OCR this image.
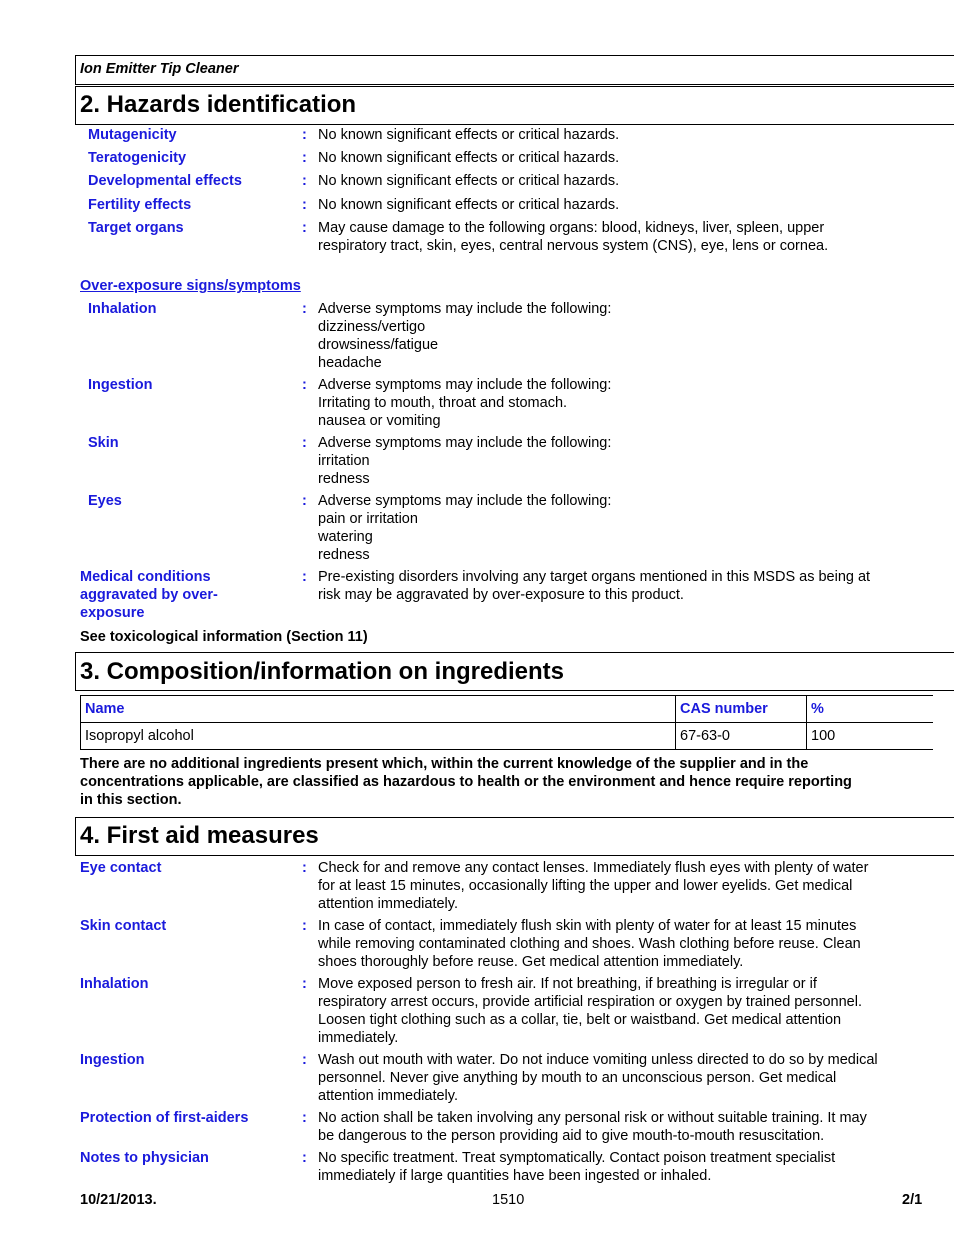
Ion Emitter Tip Cleaner
2. Hazards identification
Mutagenicity	: No known significant effects or critical hazards.
Teratogenicity	: No known significant effects or critical hazards.
Developmental effects	: No known significant effects or critical hazards.
Fertility effects	: No known significant effects or critical hazards.
Target organs	: May cause damage to the following organs: blood, kidneys, liver, spleen, upper
respiratory tract, skin, eyes, central nervous system (CNS), eye, lens or cornea.
Over-exposure signs/symptoms
Inhalation	: Adverse symptoms may include the following:
dizziness/vertigo
drowsiness/fatigue
headache
Ingestion	: Adverse symptoms may include the following:
Irritating to mouth, throat and stomach.
nausea or vomiting
Skin	: Adverse symptoms may include the following:
irritation
redness
Eyes	: Adverse symptoms may include the following:
pain or irritation
watering
redness
Medical conditions
aggravated by over-
exposure
: Pre-existing disorders involving any target organs mentioned in this MSDS as being at
risk may be aggravated by over-exposure to this product.
See toxicological information (Section 11)
3. Composition/information on ingredients
Name	CAS number	%
Isopropyl alcohol	67-63-0	100
There are no additional ingredients present which, within the current knowledge of the supplier and in the
concentrations applicable, are classified as hazardous to health or the environment and hence require reporting
in this section.
4. First aid measures
Eye contact	: Check for and remove any contact lenses. Immediately flush eyes with plenty of water
for at least 15 minutes, occasionally lifting the upper and lower eyelids. Get medical
attention immediately.
Skin contact	: In case of contact, immediately flush skin with plenty of water for at least 15 minutes
while removing contaminated clothing and shoes. Wash clothing before reuse. Clean
shoes thoroughly before reuse. Get medical attention immediately.
Inhalation	: Move exposed person to fresh air. If not breathing, if breathing is irregular or if
respiratory arrest occurs, provide artificial respiration or oxygen by trained personnel.
Loosen tight clothing such as a collar, tie, belt or waistband. Get medical attention
immediately.
Ingestion	: Wash out mouth with water. Do not induce vomiting unless directed to do so by medical
personnel. Never give anything by mouth to an unconscious person. Get medical
attention immediately.
Protection of first-aiders	: No action shall be taken involving any personal risk or without suitable training. It may
be dangerous to the person providing aid to give mouth-to-mouth resuscitation.
Notes to physician	: No specific treatment. Treat symptomatically. Contact poison treatment specialist
immediately if large quantities have been ingested or inhaled.
10/21/2013.	1510	2/1
